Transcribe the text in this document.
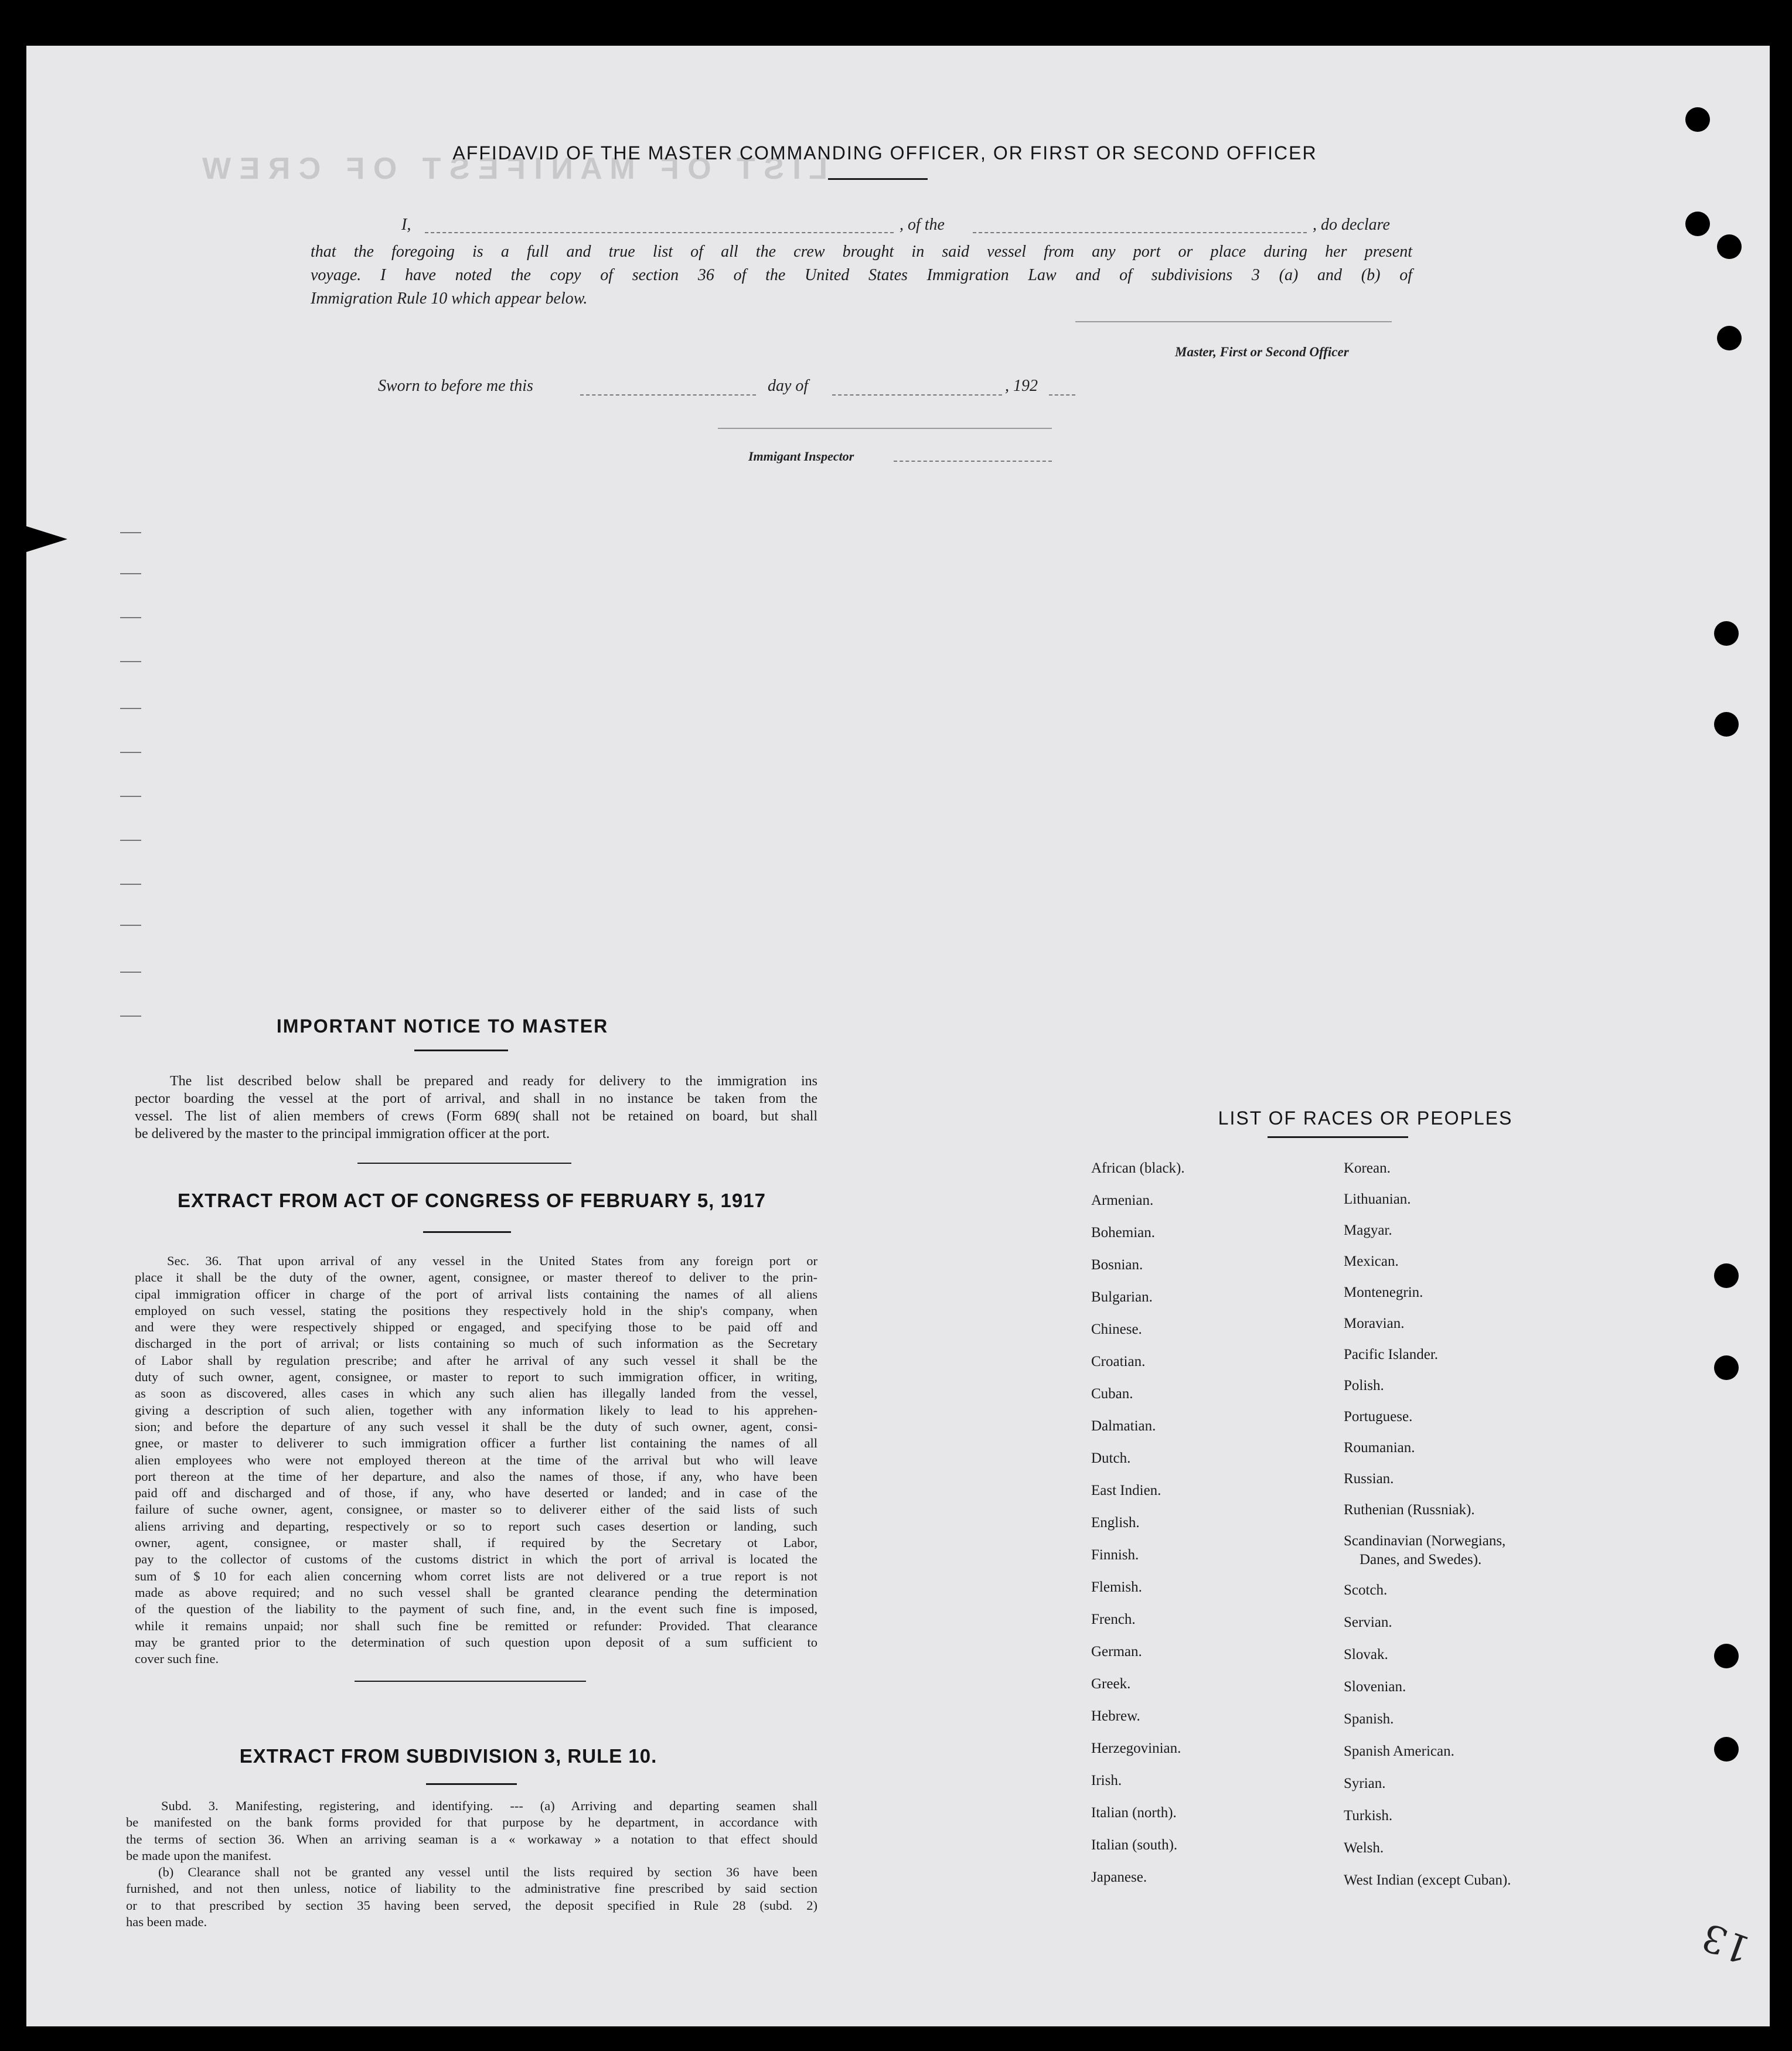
L I S T   O F   M A N I F E S T   O F   C R E W
AFFIDAVID OF THE MASTER COMMANDING OFFICER, OR FIRST OR SECOND OFFICER
I,	, of the	, do declare
that the foregoing is a full and true list of all the crew brought in said vessel from any port or place during her present
voyage. I have noted the copy of section 36 of the United States Immigration Law and of subdivisions 3 (a) and (b) of
Immigration Rule 10 which appear below.
Master, First or Second Officer
Sworn to before me this	day of	, 192
Immigant Inspector
IMPORTANT NOTICE TO MASTER
The list described below shall be prepared and ready for delivery to the immigration ins
pector boarding the vessel at the port of arrival, and shall in no instance be taken from the
vessel. The list of alien members of crews (Form 689( shall not be retained on board, but shall
be delivered by the master to the principal immigration officer at the port.
EXTRACT FROM ACT OF CONGRESS OF FEBRUARY 5, 1917
Sec. 36. That upon arrival of any vessel in the United States from any foreign port or
place it shall be the duty of the owner, agent, consignee, or master thereof to deliver to the prin-
cipal immigration officer in charge of the port of arrival lists containing the names of all aliens
employed on such vessel, stating the positions they respectively hold in the ship's company, when
and were they were respectively shipped or engaged, and specifying those to be paid off and
discharged in the port of arrival; or lists containing so much of such information as the Secretary
of Labor shall by regulation prescribe; and after he arrival of any such vessel it shall be the
duty of such owner, agent, consignee, or master to report to such immigration officer, in writing,
as soon as discovered, alles cases in which any such alien has illegally landed from the vessel,
giving a description of such alien, together with any information likely to lead to his apprehen-
sion; and before the departure of any such vessel it shall be the duty of such owner, agent, consi-
gnee, or master to deliverer to such immigration officer a further list containing the names of all
alien employees who were not employed thereon at the time of the arrival but who will leave
port thereon at the time of her departure, and also the names of those, if any, who have been
paid off and discharged and of those, if any, who have deserted or landed; and in case of the
failure of suche owner, agent, consignee, or master so to deliverer either of the said lists of such
aliens arriving and departing, respectively or so to report such cases desertion or landing, such
owner, agent, consignee, or master shall, if required by the Secretary ot Labor,
pay to the collector of customs of the customs district in which the port of arrival is located the
sum of $ 10 for each alien concerning whom corret lists are not delivered or a true report is not
made as above required; and no such vessel shall be granted clearance pending the determination
of the question of the liability to the payment of such fine, and, in the event such fine is imposed,
while it remains unpaid; nor shall such fine be remitted or refunder: Provided. That clearance
may be granted prior to the determination of such question upon deposit of a sum sufficient to
cover such fine.
EXTRACT FROM SUBDIVISION 3, RULE 10.
Subd. 3. Manifesting, registering, and identifying. --- (a) Arriving and departing seamen shall
be manifested on the bank forms provided for that purpose by he department, in accordance with
the terms of section 36. When an arriving seaman is a « workaway » a notation to that effect should
be made upon the manifest.
(b) Clearance shall not be granted any vessel until the lists required by section 36 have been
furnished, and not then unless, notice of liability to the administrative fine prescribed by said section
or to that prescribed by section 35 having been served, the deposit specified in Rule 28 (subd. 2)
has been made.
LIST OF RACES OR PEOPLES
African (black).
Armenian.
Bohemian.
Bosnian.
Bulgarian.
Chinese.
Croatian.
Cuban.
Dalmatian.
Dutch.
East Indien.
English.
Finnish.
Flemish.
French.
German.
Greek.
Hebrew.
Herzegovinian.
Irish.
Italian (north).
Italian (south).
Japanese.
Korean.
Lithuanian.
Magyar.
Mexican.
Montenegrin.
Moravian.
Pacific Islander.
Polish.
Portuguese.
Roumanian.
Russian.
Ruthenian (Russniak).
Scandinavian (Norwegians,
Danes, and Swedes).
Scotch.
Servian.
Slovak.
Slovenian.
Spanish.
Spanish American.
Syrian.
Turkish.
Welsh.
West Indian (except Cuban).
13
